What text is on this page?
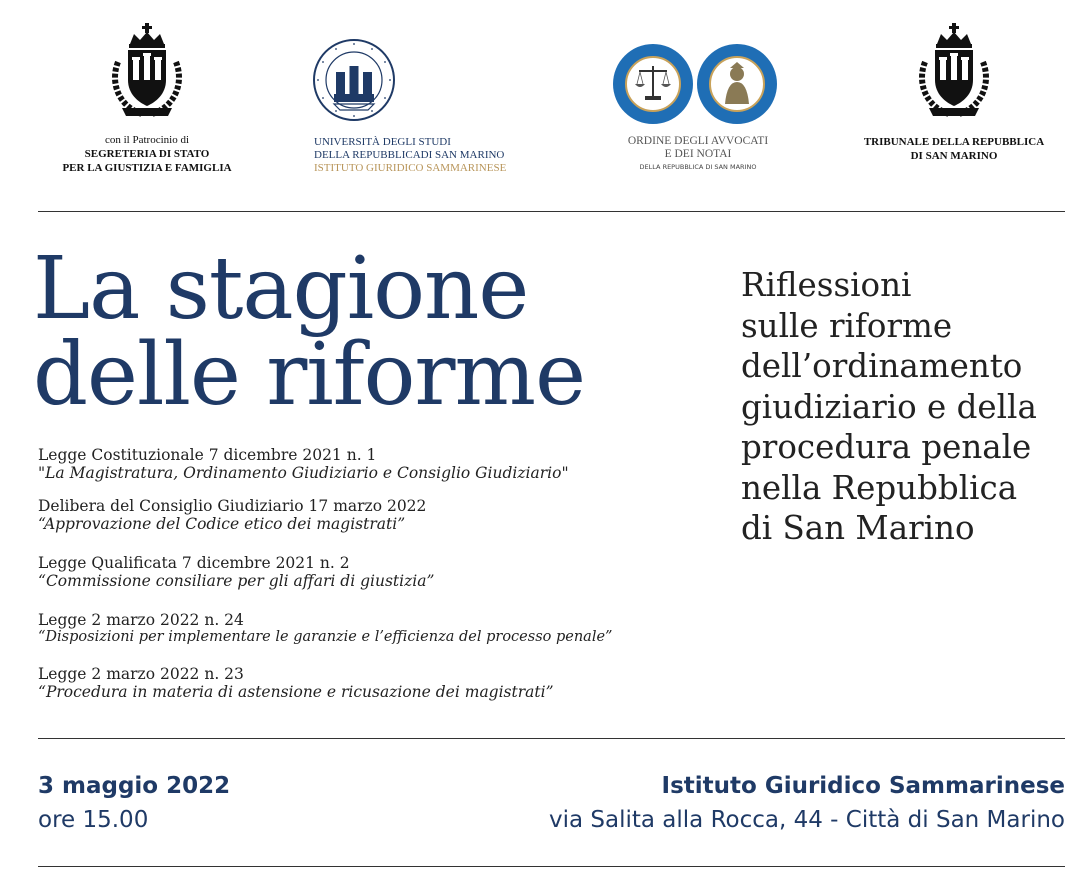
con il Patrocinio di
SEGRETERIA DI STATO
PER LA GIUSTIZIA E FAMIGLIA
UNIVERSITÀ DEGLI STUDI
DELLA REPUBBLICADI SAN MARINO
ISTITUTO GIURIDICO SAMMARINESE
ORDINE DEGLI AVVOCATI
E DEI NOTAI
DELLA REPUBBLICA DI SAN MARINO
TRIBUNALE DELLA REPUBBLICA
DI SAN MARINO
La stagione
delle riforme
Riflessioni
sulle riforme
dell’ordinamento
giudiziario e della
procedura penale
nella Repubblica
di San Marino
Legge Costituzionale 7 dicembre 2021 n. 1
"La Magistratura, Ordinamento Giudiziario e Consiglio Giudiziario"
Delibera del Consiglio Giudiziario 17 marzo 2022
“Approvazione del Codice etico dei magistrati”
Legge Qualificata 7 dicembre 2021 n. 2
“Commissione consiliare per gli affari di giustizia”
Legge 2 marzo 2022 n. 24
“Disposizioni per implementare le garanzie e l’efficienza del processo penale”
Legge 2 marzo 2022 n. 23
“Procedura in materia di astensione e ricusazione dei magistrati”
3 maggio 2022
ore 15.00
Istituto Giuridico Sammarinese
via Salita alla Rocca, 44 - Città di San Marino
